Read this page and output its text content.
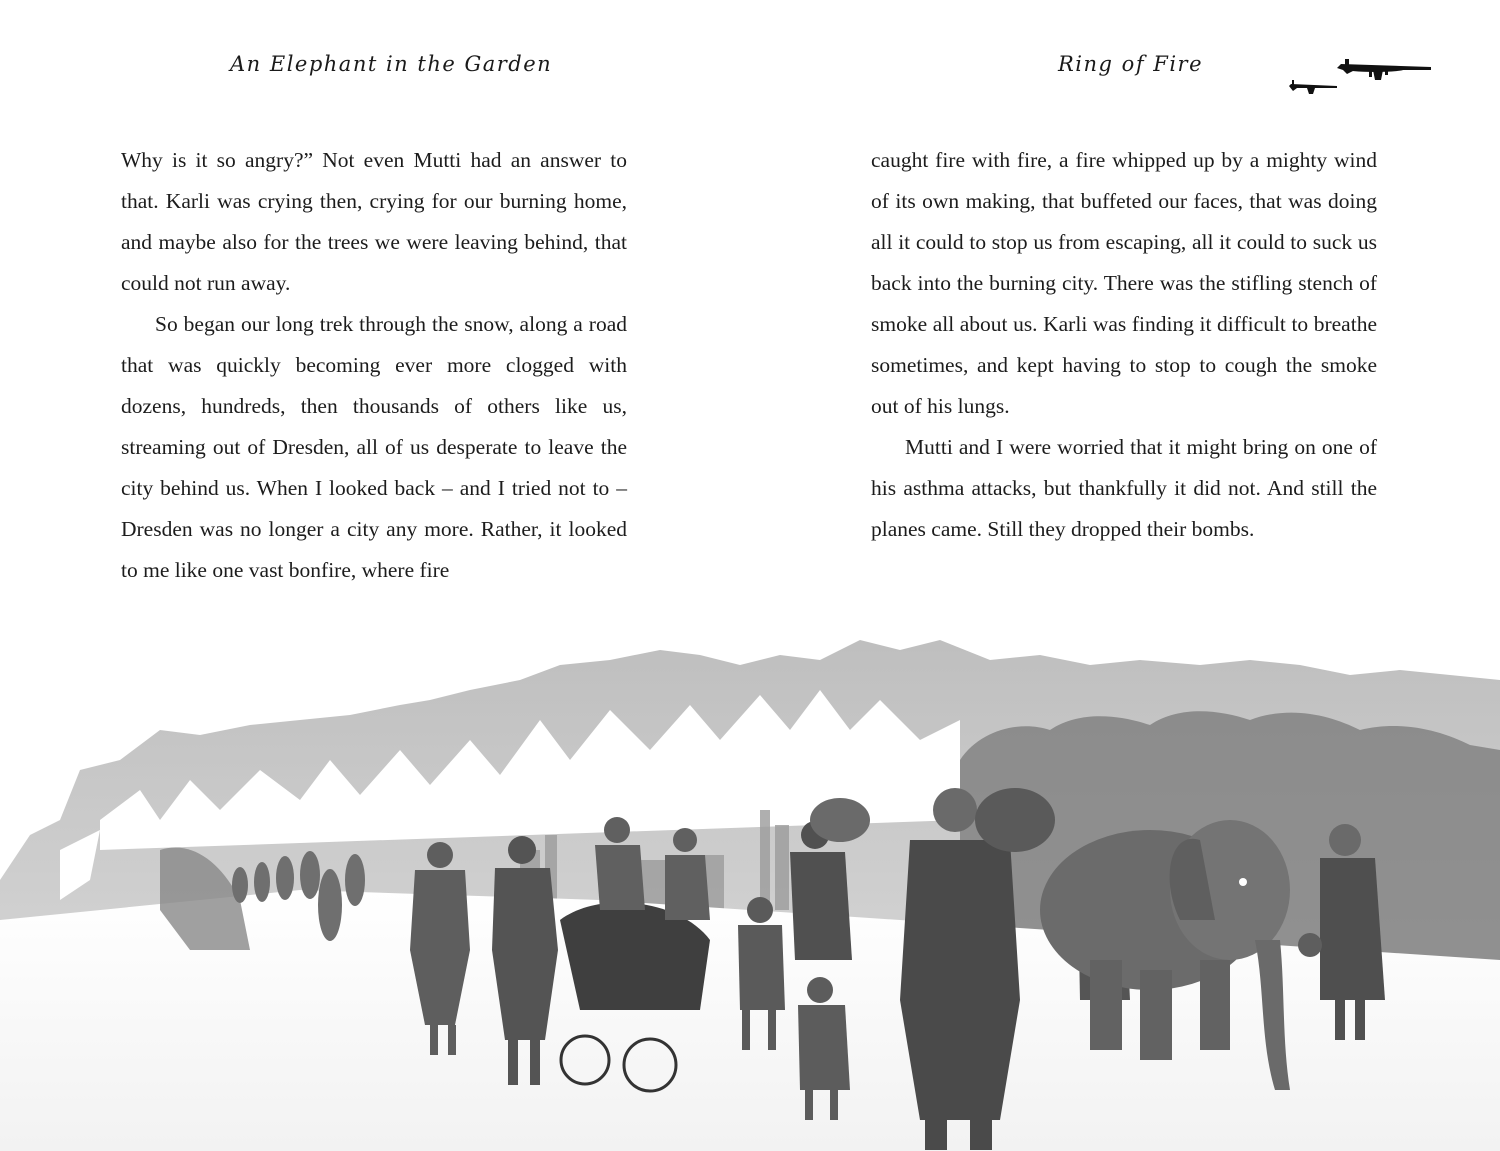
An Elephant in the Garden	Ring of Fire

Why is it so angry?” Not even Mutti had an answer to that. Karli was crying then, crying for our burning home, and maybe also for the trees we were leaving behind, that could not run away.

So began our long trek through the snow, along a road that was quickly becoming ever more clogged with dozens, hundreds, then thousands of others like us, streaming out of Dresden, all of us desperate to leave the city behind us. When I looked back – and I tried not to – Dresden was no longer a city any more. Rather, it looked to me like one vast bonfire, where fire

caught fire with fire, a fire whipped up by a mighty wind of its own making, that buffeted our faces, that was doing all it could to stop us from escaping, all it could to suck us back into the burning city. There was the stifling stench of smoke all about us. Karli was finding it difficult to breathe sometimes, and kept having to stop to cough the smoke out of his lungs.

Mutti and I were worried that it might bring on one of his asthma attacks, but thankfully it did not. And still the planes came. Still they dropped their bombs.
